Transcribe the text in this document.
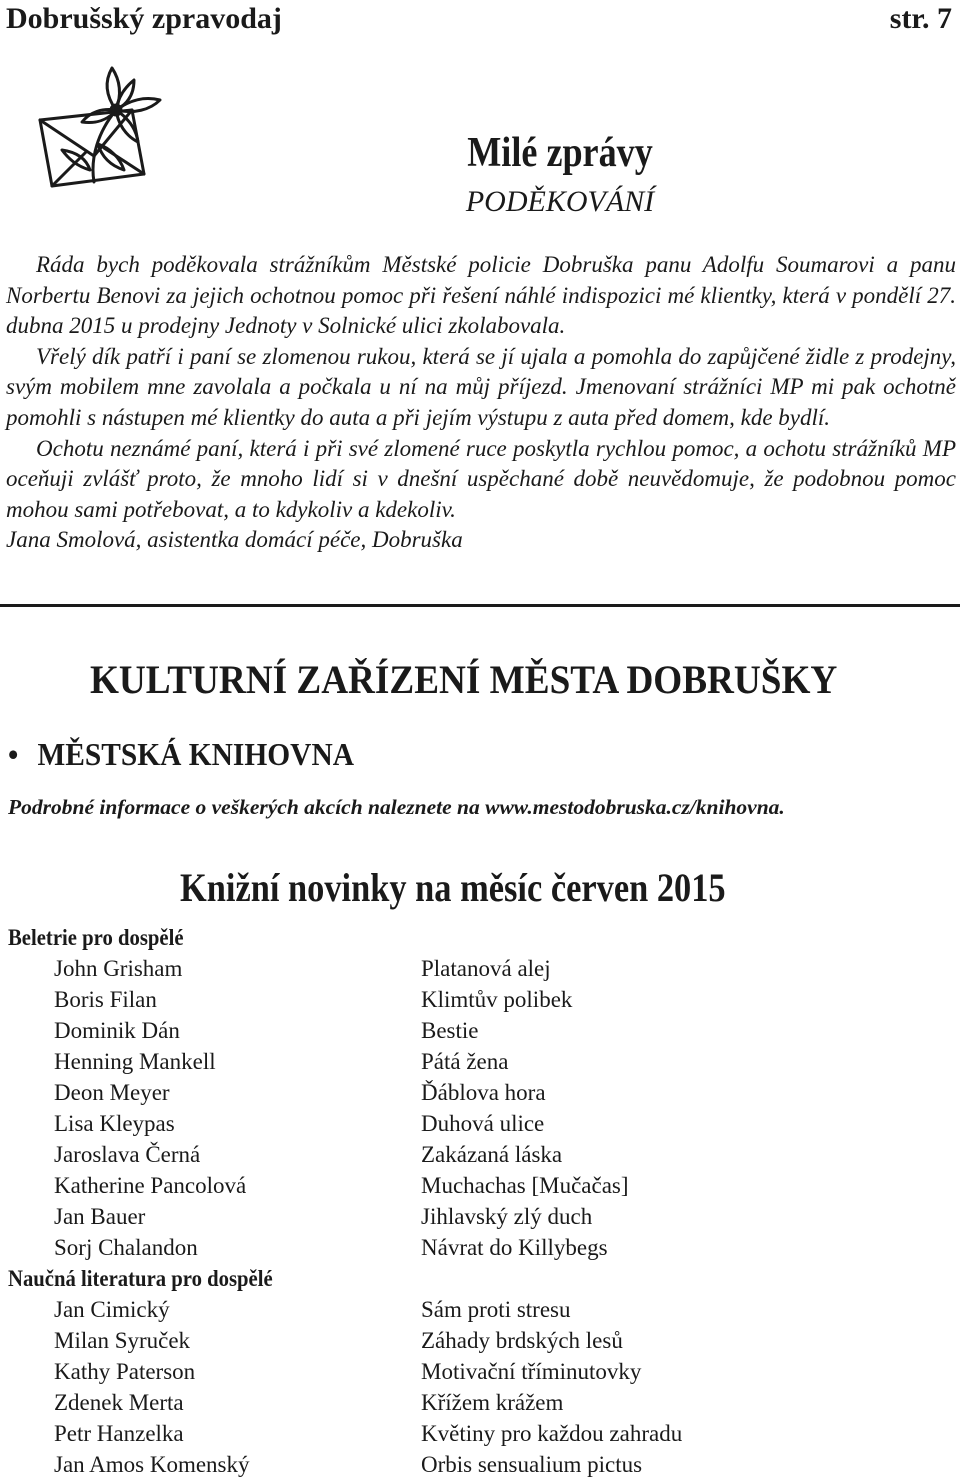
Dobrušský zpravodaj	str. 7
Milé zprávy
PODĚKOVÁNÍ

Ráda bych poděkovala strážníkům Městské policie Dobruška panu Adolfu Soumarovi a panu Norbertu Benovi za jejich ochotnou pomoc při řešení náhlé indispozici mé klientky, která v pondělí 27. dubna 2015 u prodejny Jednoty v Solnické ulici zkolabovala.

Vřelý dík patří i paní se zlomenou rukou, která se jí ujala a pomohla do zapůjčené židle z prodejny, svým mobilem mne zavolala a počkala u ní na můj příjezd. Jmenovaní strážníci MP mi pak ochotně pomohli s nástupen mé klientky do auta a při jejím výstupu z auta před domem, kde bydlí.

Ochotu neznámé paní, která i při své zlomené ruce poskytla rychlou pomoc, a ochotu strážníků MP oceňuji zvlášť proto, že mnoho lidí si v dnešní uspěchané době neuvědomuje, že podobnou pomoc mohou sami potřebovat, a to kdykoliv a kdekoliv.

Jana Smolová, asistentka domácí péče, Dobruška

KULTURNÍ ZAŘÍZENÍ MĚSTA DOBRUŠKY
• MĚSTSKÁ KNIHOVNA
Podrobné informace o veškerých akcích naleznete na www.mestodobruska.cz/knihovna.
Knižní novinky na měsíc červen 2015
Beletrie pro dospělé
John Grisham	Platanová alej
Boris Filan	Klimtův polibek
Dominik Dán	Bestie
Henning Mankell	Pátá žena
Deon Meyer	Ďáblova hora
Lisa Kleypas	Duhová ulice
Jaroslava Černá	Zakázaná láska
Katherine Pancolová	Muchachas [Mučačas]
Jan Bauer	Jihlavský zlý duch
Sorj Chalandon	Návrat do Killybegs
Naučná literatura pro dospělé
Jan Cimický	Sám proti stresu
Milan Syruček	Záhady brdských lesů
Kathy Paterson	Motivační tříminutovky
Zdenek Merta	Křížem krážem
Petr Hanzelka	Květiny pro každou zahradu
Jan Amos Komenský	Orbis sensualium pictus
